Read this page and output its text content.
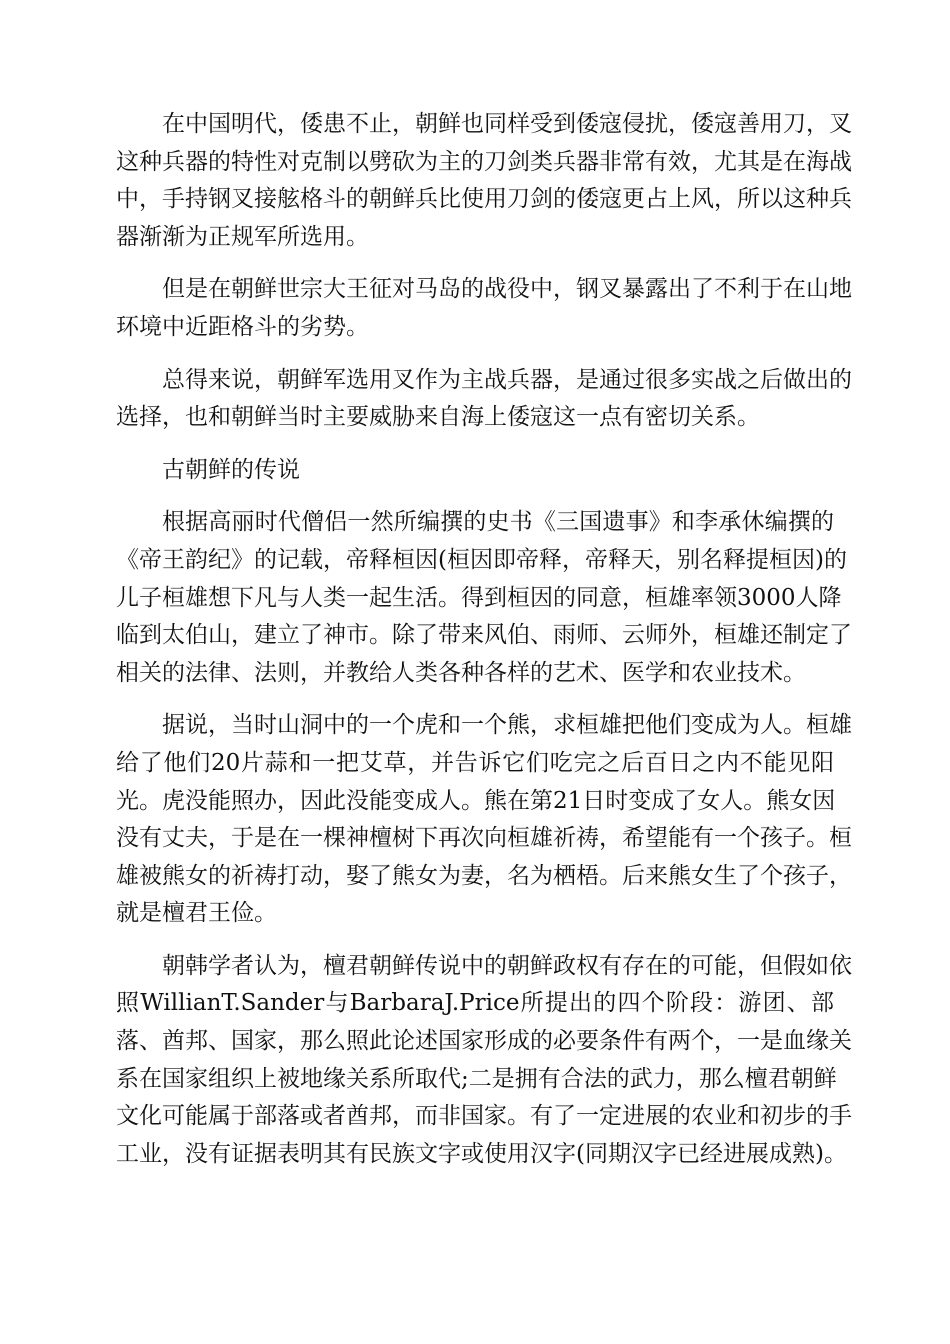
在中国明代，倭患不止，朝鲜也同样受到倭寇侵扰，倭寇善用刀，叉
这种兵器的特性对克制以劈砍为主的刀剑类兵器非常有效，尤其是在海战
中，手持钢叉接舷格斗的朝鲜兵比使用刀剑的倭寇更占上风，所以这种兵
器渐渐为正规军所选用。

但是在朝鲜世宗大王征对马岛的战役中，钢叉暴露出了不利于在山地
环境中近距格斗的劣势。

总得来说，朝鲜军选用叉作为主战兵器，是通过很多实战之后做出的
选择，也和朝鲜当时主要威胁来自海上倭寇这一点有密切关系。

古朝鲜的传说

根据高丽时代僧侣一然所编撰的史书《三国遗事》和李承休编撰的
《帝王韵纪》的记载，帝释桓因(桓因即帝释，帝释天，别名释提桓因)的
儿子桓雄想下凡与人类一起生活。得到桓因的同意，桓雄率领3000人降
临到太伯山，建立了神市。除了带来风伯、雨师、云师外，桓雄还制定了
相关的法律、法则，并教给人类各种各样的艺术、医学和农业技术。

据说，当时山洞中的一个虎和一个熊，求桓雄把他们变成为人。桓雄
给了他们20片蒜和一把艾草，并告诉它们吃完之后百日之内不能见阳
光。虎没能照办，因此没能变成人。熊在第21日时变成了女人。熊女因
没有丈夫，于是在一棵神檀树下再次向桓雄祈祷，希望能有一个孩子。桓
雄被熊女的祈祷打动，娶了熊女为妻，名为栖梧。后来熊女生了个孩子，
就是檀君王俭。

朝韩学者认为，檀君朝鲜传说中的朝鲜政权有存在的可能，但假如依
照WillianT.Sander与BarbaraJ.Price所提出的四个阶段：游团、部
落、酋邦、国家，那么照此论述国家形成的必要条件有两个，一是血缘关
系在国家组织上被地缘关系所取代;二是拥有合法的武力，那么檀君朝鲜
文化可能属于部落或者酋邦，而非国家。有了一定进展的农业和初步的手
工业，没有证据表明其有民族文字或使用汉字(同期汉字已经进展成熟)。
